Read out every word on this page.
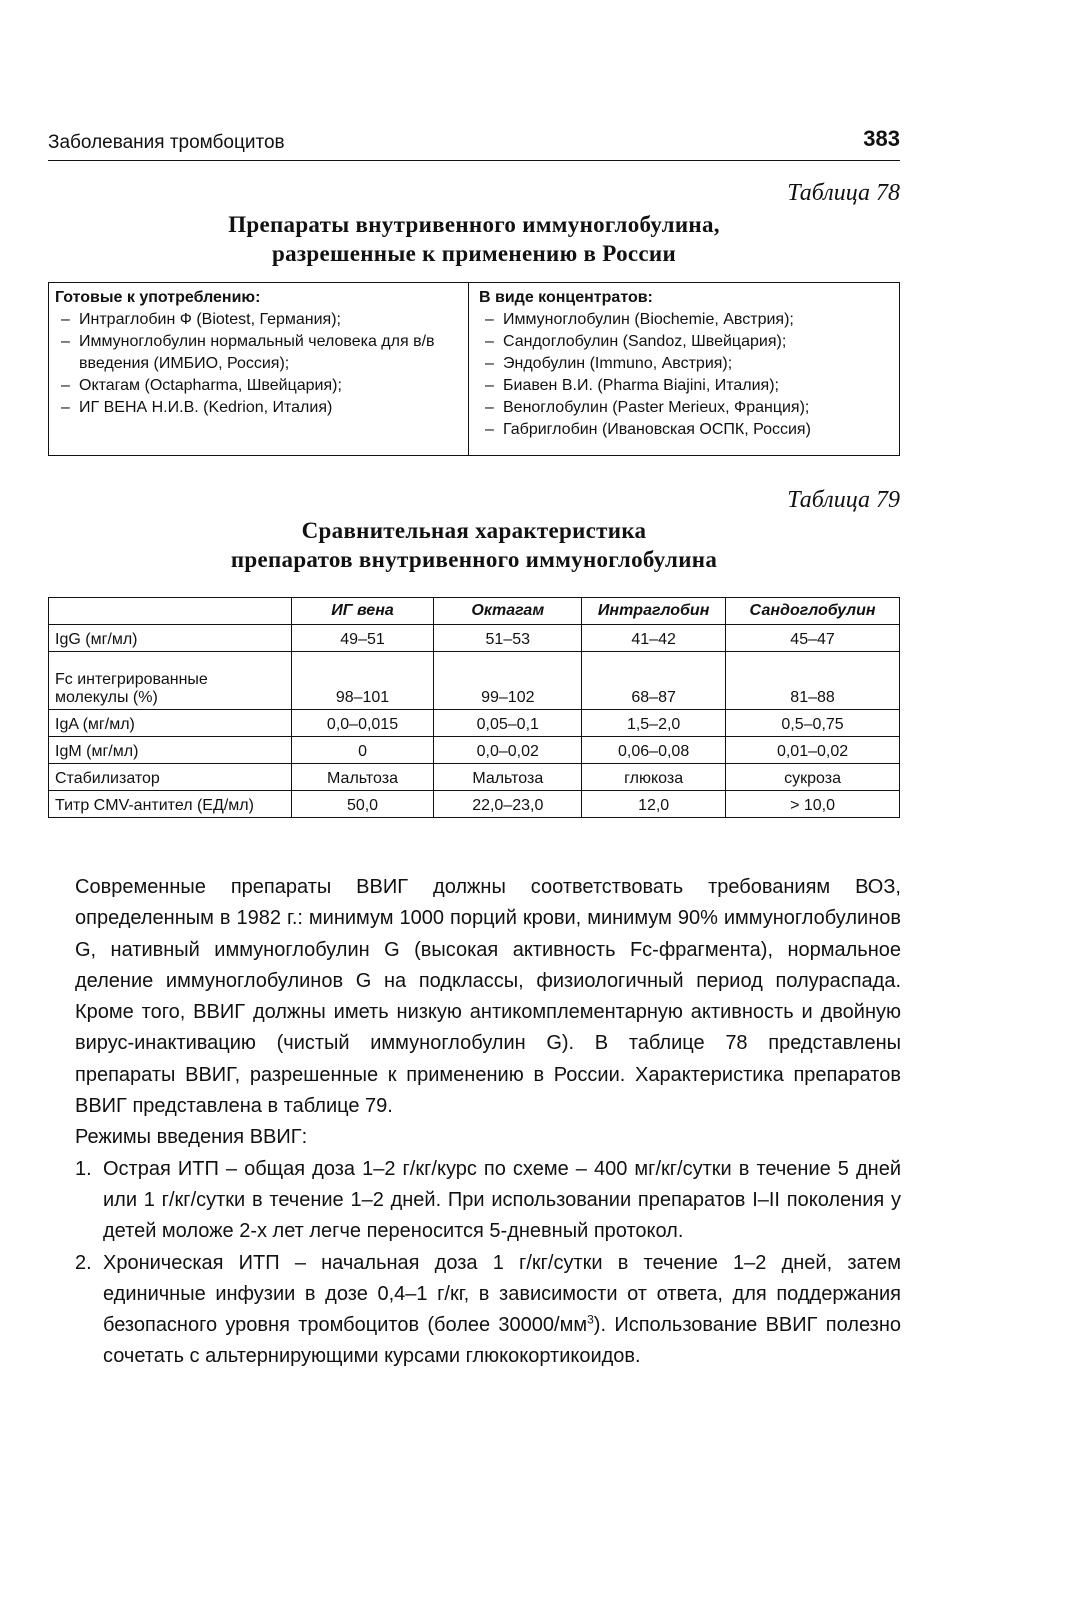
Заболевания тромбоцитов	383
Таблица 78
Препараты внутривенного иммуноглобулина,
разрешенные к применению в России
Готовые к употреблению:
– Интраглобин Ф (Biotest, Германия);
– Иммуноглобулин нормальный человека для в/в введения (ИМБИО, Россия);
– Октагам (Octapharma, Швейцария);
– ИГ ВЕНА Н.И.В. (Kedrion, Италия)
В виде концентратов:
– Иммуноглобулин (Biochemie, Австрия);
– Сандоглобулин (Sandoz, Швейцария);
– Эндобулин (Immuno, Австрия);
– Биавен В.И. (Pharma Biajini, Италия);
– Веноглобулин (Paster Merieux, Франция);
– Габриглобин (Ивановская ОСПК, Россия)
Таблица 79
Сравнительная характеристика
препаратов внутривенного иммуноглобулина
	ИГ вена	Октагам	Интраглобин	Сандоглобулин
IgG (мг/мл)	49–51	51–53	41–42	45–47
Fc интегрированные молекулы (%)	98–101	99–102	68–87	81–88
IgA (мг/мл)	0,0–0,015	0,05–0,1	1,5–2,0	0,5–0,75
IgM (мг/мл)	0	0,0–0,02	0,06–0,08	0,01–0,02
Стабилизатор	Мальтоза	Мальтоза	глюкоза	сукроза
Титр CMV-антител (ЕД/мл)	50,0	22,0–23,0	12,0	> 10,0

Современные препараты ВВИГ должны соответствовать требованиям ВОЗ, определенным в 1982 г.: минимум 1000 порций крови, минимум 90% иммуноглобулинов G, нативный иммуноглобулин G (высокая активность Fc-фрагмента), нормальное деление иммуноглобулинов G на подклассы, физиологичный период полураспада. Кроме того, ВВИГ должны иметь низкую антикомплементарную активность и двойную вирус-инактивацию (чистый иммуноглобулин G). В таблице 78 представлены препараты ВВИГ, разрешенные к применению в России. Характеристика препаратов ВВИГ представлена в таблице 79.

Режимы введения ВВИГ:

1. Острая ИТП – общая доза 1–2 г/кг/курс по схеме – 400 мг/кг/сутки в течение 5 дней или 1 г/кг/сутки в течение 1–2 дней. При использовании препаратов I–II поколения у детей моложе 2-х лет легче переносится 5-дневный протокол.
2. Хроническая ИТП – начальная доза 1 г/кг/сутки в течение 1–2 дней, затем единичные инфузии в дозе 0,4–1 г/кг, в зависимости от ответа, для поддержания безопасного уровня тромбоцитов (более $30000/мм^3$). Использование ВВИГ полезно сочетать с альтернирующими курсами глюкокортикоидов.
